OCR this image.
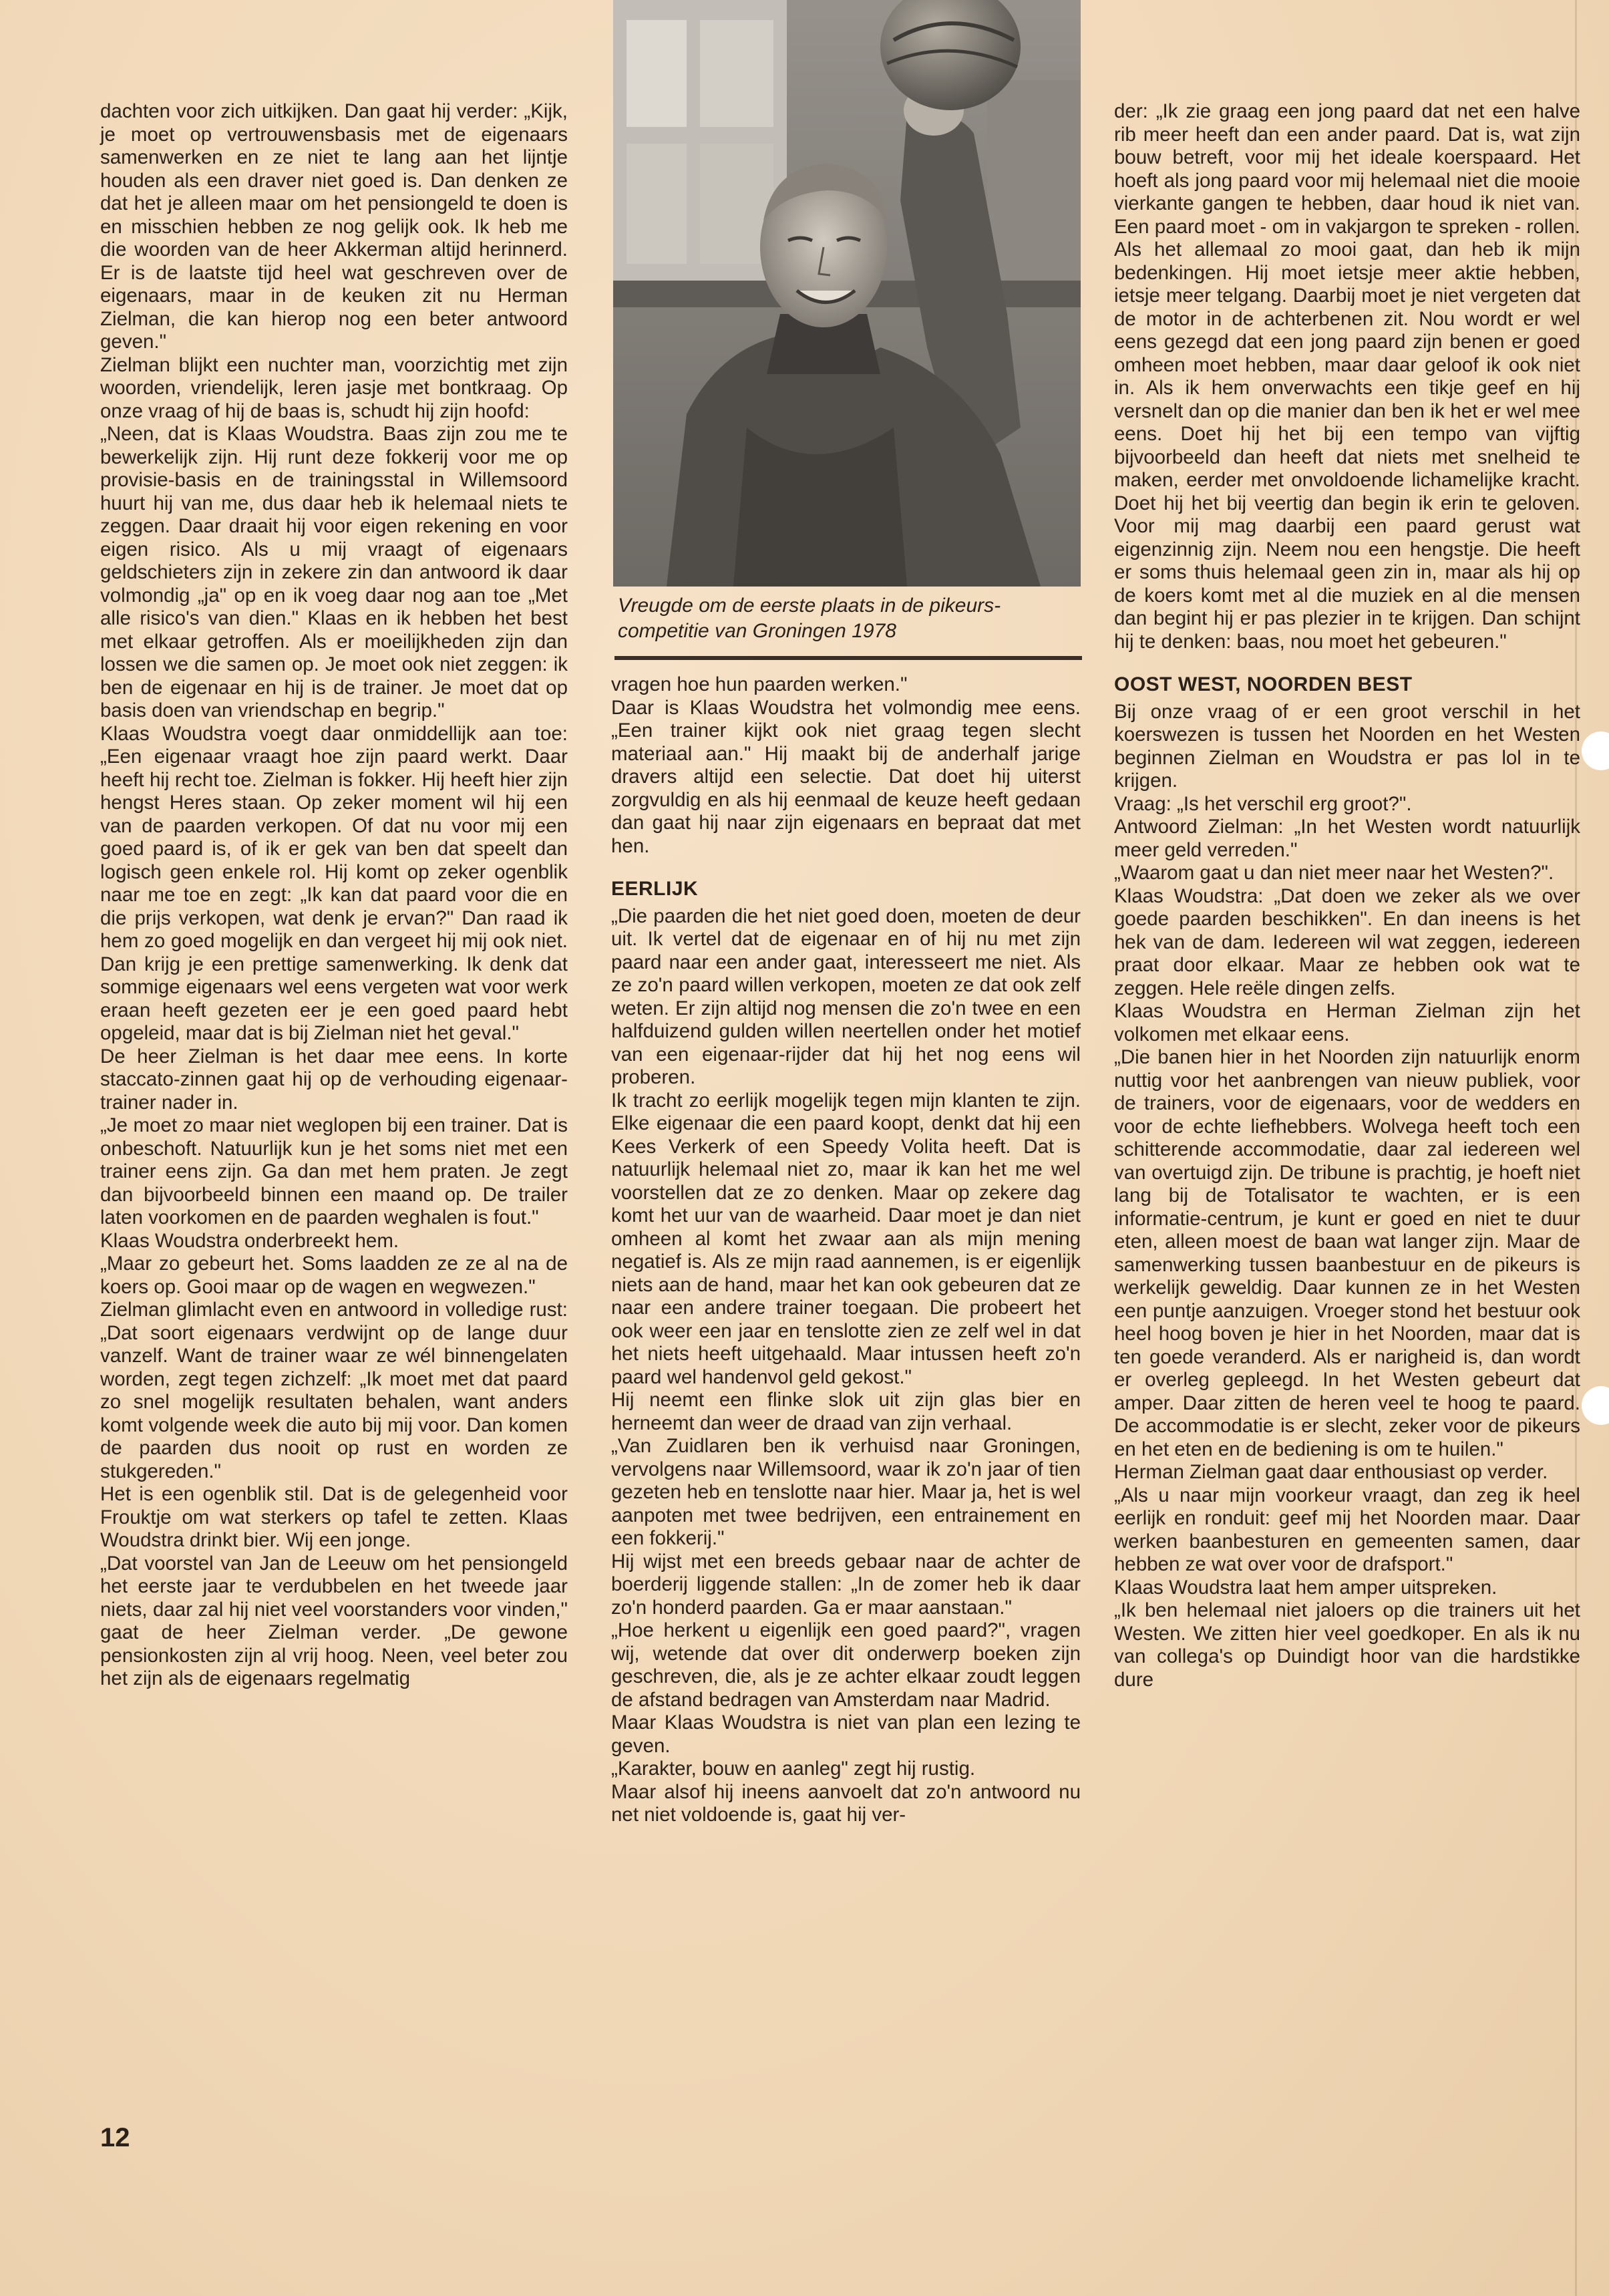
dachten voor zich uitkijken. Dan gaat hij verder: „Kijk, je moet op vertrouwensbasis met de eigenaars samenwerken en ze niet te lang aan het lijntje houden als een draver niet goed is. Dan denken ze dat het je alleen maar om het pensiongeld te doen is en misschien hebben ze nog gelijk ook. Ik heb me die woorden van de heer Akkerman altijd herinnerd. Er is de laatste tijd heel wat geschreven over de eigenaars, maar in de keuken zit nu Herman Zielman, die kan hierop nog een beter antwoord geven."

Zielman blijkt een nuchter man, voorzichtig met zijn woorden, vriendelijk, leren jasje met bontkraag. Op onze vraag of hij de baas is, schudt hij zijn hoofd:

„Neen, dat is Klaas Woudstra. Baas zijn zou me te bewerkelijk zijn. Hij runt deze fokkerij voor me op provisie-basis en de trainingsstal in Willemsoord huurt hij van me, dus daar heb ik helemaal niets te zeggen. Daar draait hij voor eigen rekening en voor eigen risico. Als u mij vraagt of eigenaars geldschieters zijn in zekere zin dan antwoord ik daar volmondig „ja" op en ik voeg daar nog aan toe „Met alle risico's van dien." Klaas en ik hebben het best met elkaar getroffen. Als er moeilijkheden zijn dan lossen we die samen op. Je moet ook niet zeggen: ik ben de eigenaar en hij is de trainer. Je moet dat op basis doen van vriendschap en begrip."

Klaas Woudstra voegt daar onmiddellijk aan toe: „Een eigenaar vraagt hoe zijn paard werkt. Daar heeft hij recht toe. Zielman is fokker. Hij heeft hier zijn hengst Heres staan. Op zeker moment wil hij een van de paarden verkopen. Of dat nu voor mij een goed paard is, of ik er gek van ben dat speelt dan logisch geen enkele rol. Hij komt op zeker ogenblik naar me toe en zegt: „Ik kan dat paard voor die en die prijs verkopen, wat denk je ervan?" Dan raad ik hem zo goed mogelijk en dan vergeet hij mij ook niet. Dan krijg je een prettige samenwerking. Ik denk dat sommige eigenaars wel eens vergeten wat voor werk eraan heeft gezeten eer je een goed paard hebt opgeleid, maar dat is bij Zielman niet het geval."

De heer Zielman is het daar mee eens. In korte staccato-zinnen gaat hij op de verhouding eigenaar-trainer nader in.

„Je moet zo maar niet weglopen bij een trainer. Dat is onbeschoft. Natuurlijk kun je het soms niet met een trainer eens zijn. Ga dan met hem praten. Je zegt dan bijvoorbeeld binnen een maand op. De trailer laten voorkomen en de paarden weghalen is fout."

Klaas Woudstra onderbreekt hem.

„Maar zo gebeurt het. Soms laadden ze ze al na de koers op. Gooi maar op de wagen en wegwezen."

Zielman glimlacht even en antwoord in volledige rust: „Dat soort eigenaars verdwijnt op de lange duur vanzelf. Want de trainer waar ze wél binnengelaten worden, zegt tegen zichzelf: „Ik moet met dat paard zo snel mogelijk resultaten behalen, want anders komt volgende week die auto bij mij voor. Dan komen de paarden dus nooit op rust en worden ze stukgereden."

Het is een ogenblik stil. Dat is de gelegenheid voor Frouktje om wat sterkers op tafel te zetten. Klaas Woudstra drinkt bier. Wij een jonge.

„Dat voorstel van Jan de Leeuw om het pensiongeld het eerste jaar te verdubbelen en het tweede jaar niets, daar zal hij niet veel voorstanders voor vinden," gaat de heer Zielman verder. „De gewone pensionkosten zijn al vrij hoog. Neen, veel beter zou het zijn als de eigenaars regelmatig

Vreugde om de eerste plaats in de pikeurs-
competitie van Groningen 1978

vragen hoe hun paarden werken."

Daar is Klaas Woudstra het volmondig mee eens. „Een trainer kijkt ook niet graag tegen slecht materiaal aan." Hij maakt bij de anderhalf jarige dravers altijd een selectie. Dat doet hij uiterst zorgvuldig en als hij eenmaal de keuze heeft gedaan dan gaat hij naar zijn eigenaars en bepraat dat met hen.

EERLIJK

„Die paarden die het niet goed doen, moeten de deur uit. Ik vertel dat de eigenaar en of hij nu met zijn paard naar een ander gaat, interesseert me niet. Als ze zo'n paard willen verkopen, moeten ze dat ook zelf weten. Er zijn altijd nog mensen die zo'n twee en een halfduizend gulden willen neertellen onder het motief van een eigenaar-rijder dat hij het nog eens wil proberen.

Ik tracht zo eerlijk mogelijk tegen mijn klanten te zijn. Elke eigenaar die een paard koopt, denkt dat hij een Kees Verkerk of een Speedy Volita heeft. Dat is natuurlijk helemaal niet zo, maar ik kan het me wel voorstellen dat ze zo denken. Maar op zekere dag komt het uur van de waarheid. Daar moet je dan niet omheen al komt het zwaar aan als mijn mening negatief is. Als ze mijn raad aannemen, is er eigenlijk niets aan de hand, maar het kan ook gebeuren dat ze naar een andere trainer toegaan. Die probeert het ook weer een jaar en tenslotte zien ze zelf wel in dat het niets heeft uitgehaald. Maar intussen heeft zo'n paard wel handenvol geld gekost."

Hij neemt een flinke slok uit zijn glas bier en herneemt dan weer de draad van zijn verhaal.

„Van Zuidlaren ben ik verhuisd naar Groningen, vervolgens naar Willemsoord, waar ik zo'n jaar of tien gezeten heb en tenslotte naar hier. Maar ja, het is wel aanpoten met twee bedrijven, een entrainement en een fokkerij."

Hij wijst met een breeds gebaar naar de achter de boerderij liggende stallen: „In de zomer heb ik daar zo'n honderd paarden. Ga er maar aanstaan."

„Hoe herkent u eigenlijk een goed paard?", vragen wij, wetende dat over dit onderwerp boeken zijn geschreven, die, als je ze achter elkaar zoudt leggen de afstand bedragen van Amsterdam naar Madrid.

Maar Klaas Woudstra is niet van plan een lezing te geven.

„Karakter, bouw en aanleg" zegt hij rustig.

Maar alsof hij ineens aanvoelt dat zo'n antwoord nu net niet voldoende is, gaat hij ver-

der: „Ik zie graag een jong paard dat net een halve rib meer heeft dan een ander paard. Dat is, wat zijn bouw betreft, voor mij het ideale koerspaard. Het hoeft als jong paard voor mij helemaal niet die mooie vierkante gangen te hebben, daar houd ik niet van. Een paard moet - om in vakjargon te spreken - rollen. Als het allemaal zo mooi gaat, dan heb ik mijn bedenkingen. Hij moet ietsje meer aktie hebben, ietsje meer telgang. Daarbij moet je niet vergeten dat de motor in de achterbenen zit. Nou wordt er wel eens gezegd dat een jong paard zijn benen er goed omheen moet hebben, maar daar geloof ik ook niet in. Als ik hem onverwachts een tikje geef en hij versnelt dan op die manier dan ben ik het er wel mee eens. Doet hij het bij een tempo van vijftig bijvoorbeeld dan heeft dat niets met snelheid te maken, eerder met onvoldoende lichamelijke kracht. Doet hij het bij veertig dan begin ik erin te geloven. Voor mij mag daarbij een paard gerust wat eigenzinnig zijn. Neem nou een hengstje. Die heeft er soms thuis helemaal geen zin in, maar als hij op de koers komt met al die muziek en al die mensen dan begint hij er pas plezier in te krijgen. Dan schijnt hij te denken: baas, nou moet het gebeuren."

OOST WEST, NOORDEN BEST

Bij onze vraag of er een groot verschil in het koerswezen is tussen het Noorden en het Westen beginnen Zielman en Woudstra er pas lol in te krijgen.

Vraag: „Is het verschil erg groot?".

Antwoord Zielman: „In het Westen wordt natuurlijk meer geld verreden."

„Waarom gaat u dan niet meer naar het Westen?".

Klaas Woudstra: „Dat doen we zeker als we over goede paarden beschikken". En dan ineens is het hek van de dam. Iedereen wil wat zeggen, iedereen praat door elkaar. Maar ze hebben ook wat te zeggen. Hele reële dingen zelfs.

Klaas Woudstra en Herman Zielman zijn het volkomen met elkaar eens.

„Die banen hier in het Noorden zijn natuurlijk enorm nuttig voor het aanbrengen van nieuw publiek, voor de trainers, voor de eigenaars, voor de wedders en voor de echte liefhebbers. Wolvega heeft toch een schitterende accommodatie, daar zal iedereen wel van overtuigd zijn. De tribune is prachtig, je hoeft niet lang bij de Totalisator te wachten, er is een informatie-centrum, je kunt er goed en niet te duur eten, alleen moest de baan wat langer zijn. Maar de samenwerking tussen baanbestuur en de pikeurs is werkelijk geweldig. Daar kunnen ze in het Westen een puntje aanzuigen. Vroeger stond het bestuur ook heel hoog boven je hier in het Noorden, maar dat is ten goede veranderd. Als er narigheid is, dan wordt er overleg gepleegd. In het Westen gebeurt dat amper. Daar zitten de heren veel te hoog te paard. De accommodatie is er slecht, zeker voor de pikeurs en het eten en de bediening is om te huilen."

Herman Zielman gaat daar enthousiast op verder.

„Als u naar mijn voorkeur vraagt, dan zeg ik heel eerlijk en ronduit: geef mij het Noorden maar. Daar werken baanbesturen en gemeenten samen, daar hebben ze wat over voor de drafsport."

Klaas Woudstra laat hem amper uitspreken.

„Ik ben helemaal niet jaloers op die trainers uit het Westen. We zitten hier veel goedkoper. En als ik nu van collega's op Duindigt hoor van die hardstikke dure

12
